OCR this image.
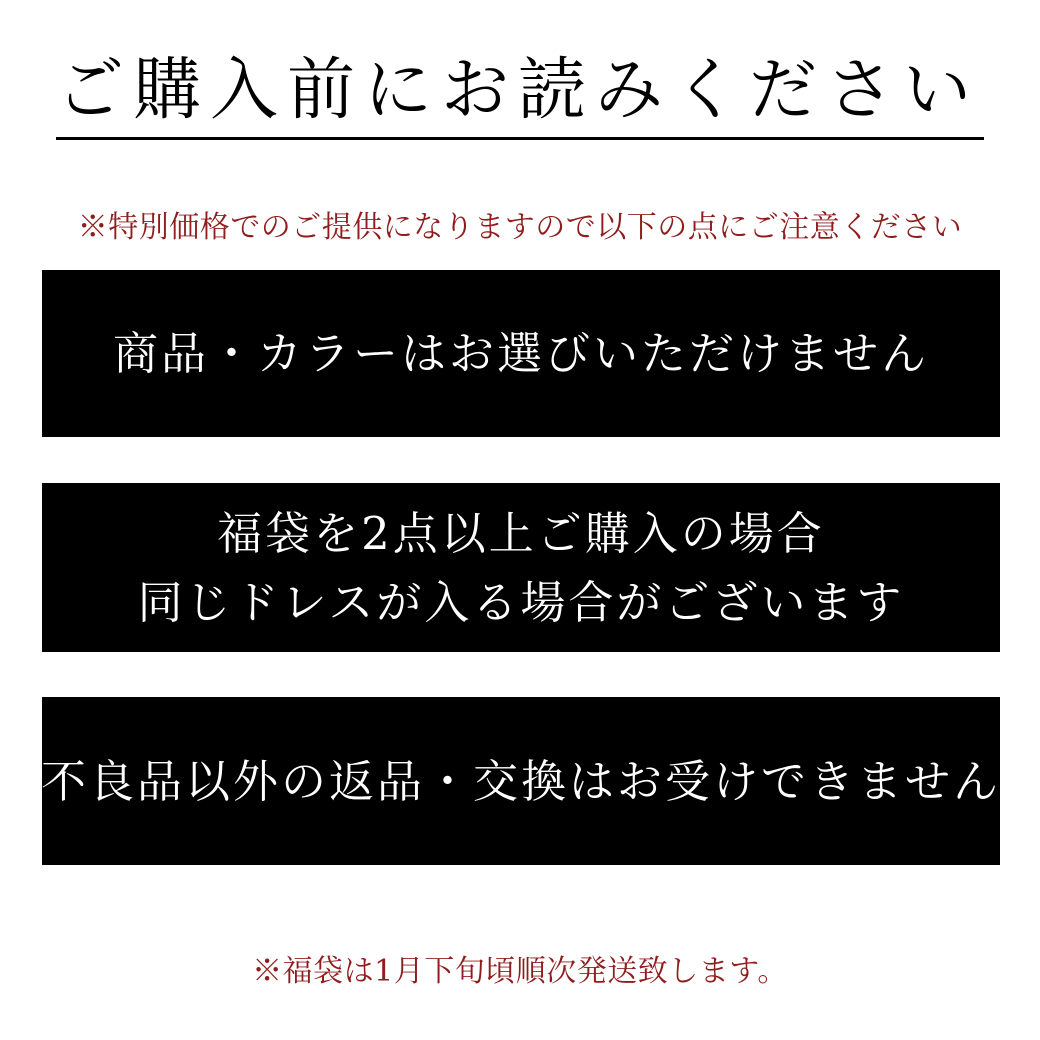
ご購入前にお読みください

※特別価格でのご提供になりますので以下の点にご注意ください

商品・カラーはお選びいただけません

福袋を2点以上ご購入の場合

同じドレスが入る場合がございます

不良品以外の返品・交換はお受けできません

※福袋は1月下旬頃順次発送致します。
